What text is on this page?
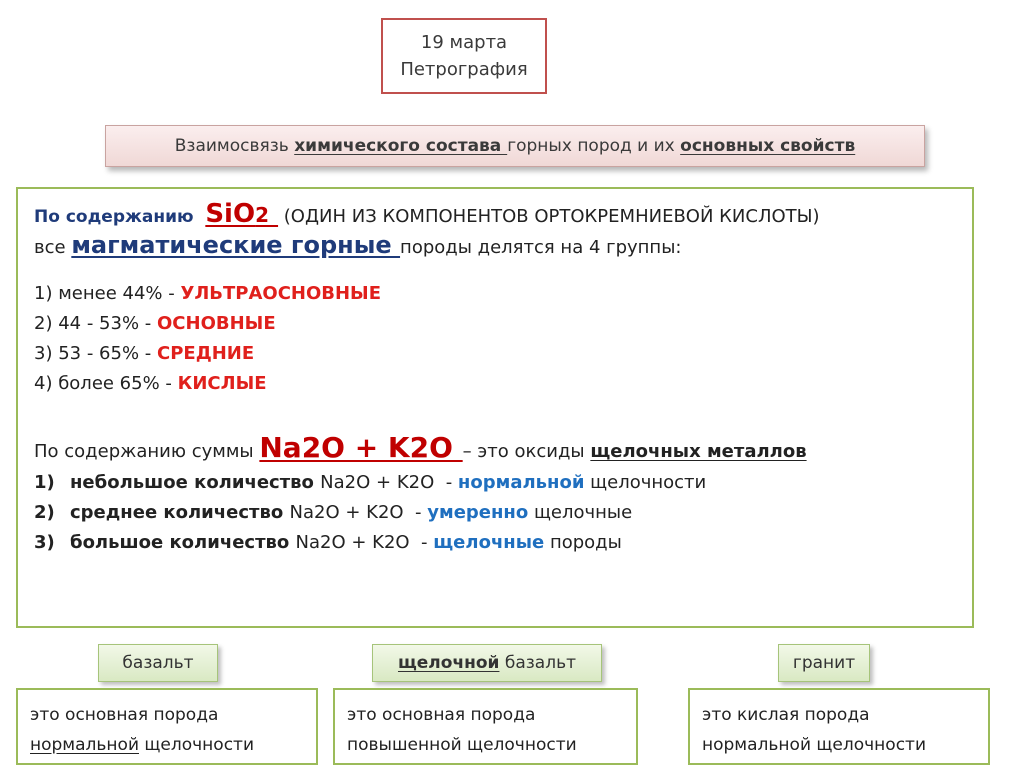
19 марта
Петрография
Взаимосвязь химического состава горных пород и их основных свойств
По содержанию SiO2  (ОДИН ИЗ КОМПОНЕНТОВ ОРТОКРЕМНИЕВОЙ КИСЛОТЫ)
все магматические горные породы делятся на 4 группы:
1) менее 44% - УЛЬТРАОСНОВНЫЕ
2) 44 - 53% - ОСНОВНЫЕ
3) 53 - 65% - СРЕДНИЕ
4) более 65% - КИСЛЫЕ
По содержанию суммы Na2O + K2O – это оксиды щелочных металлов
1) небольшое количество Na2O + K2O  - нормальной щелочности
2) среднее количество Na2O + K2O  - умеренно щелочные
3) большое количество Na2O + K2O  - щелочные породы
базальт	щелочной базальт	гранит
это основная порода
нормальной щелочности
это основная порода
повышенной щелочности
это кислая порода
нормальной щелочности
